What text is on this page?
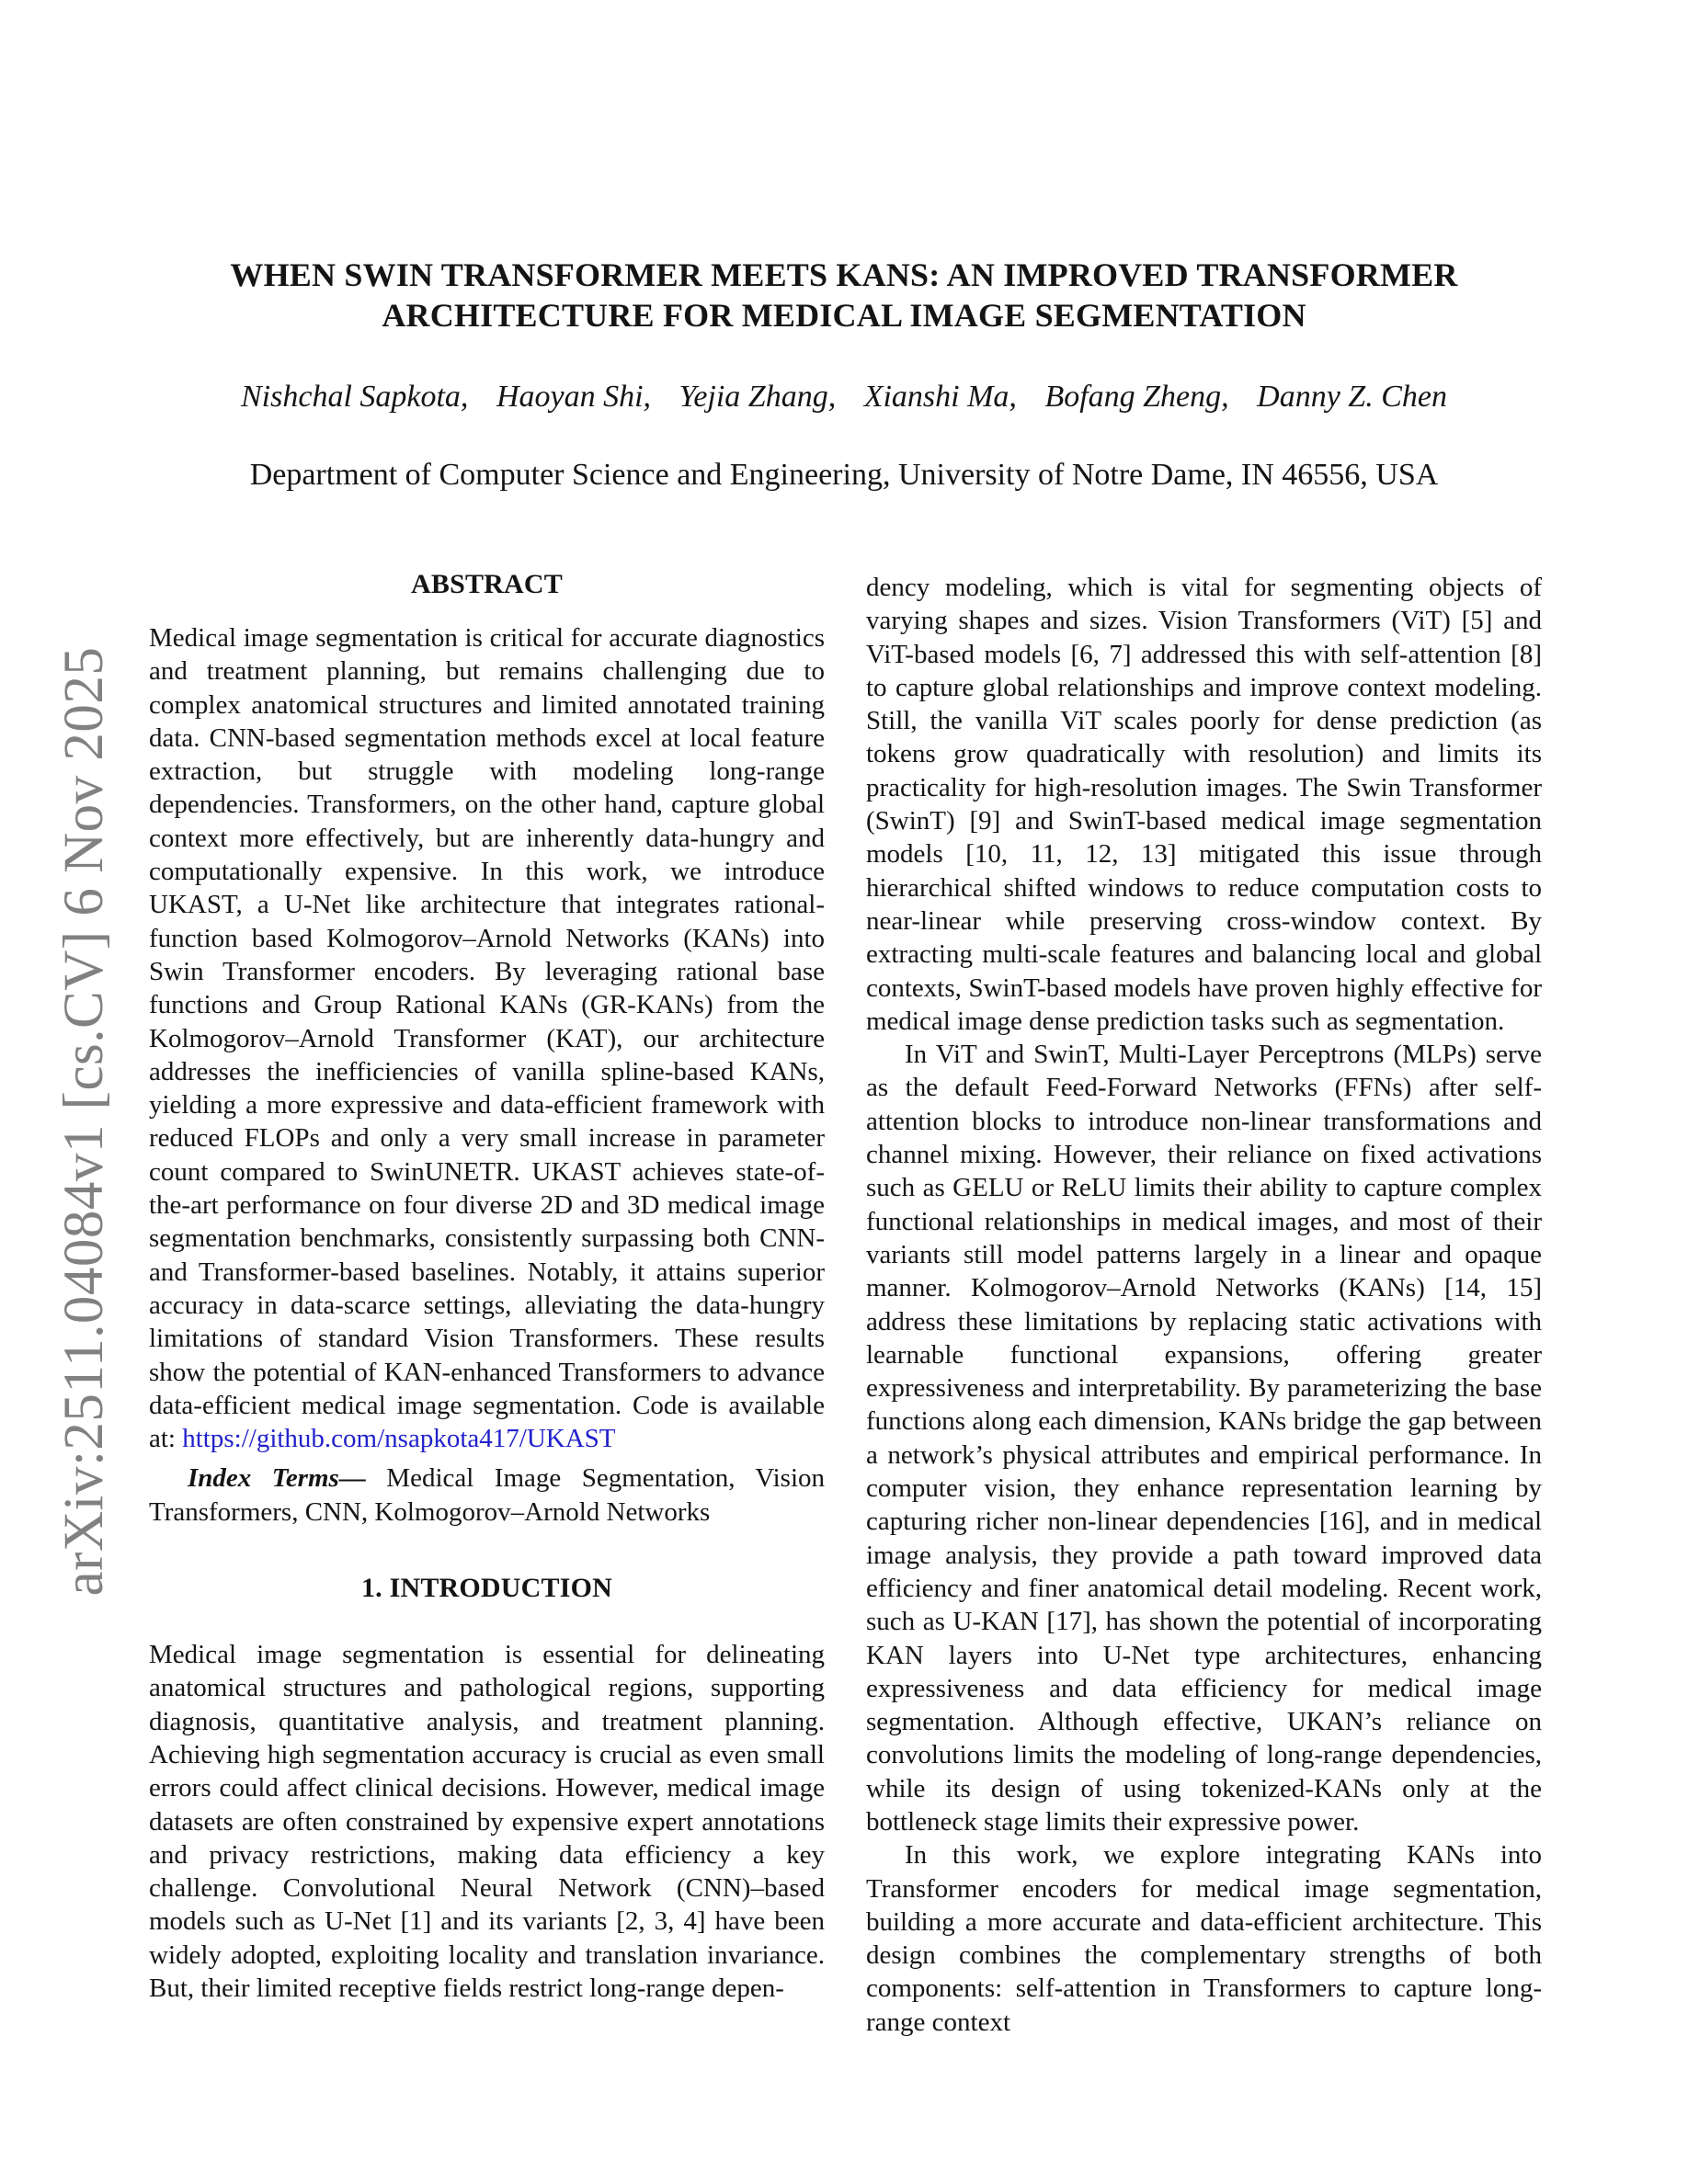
arXiv:2511.04084v1 [cs.CV] 6 Nov 2025
WHEN SWIN TRANSFORMER MEETS KANS: AN IMPROVED TRANSFORMER
ARCHITECTURE FOR MEDICAL IMAGE SEGMENTATION
Nishchal Sapkota, Haoyan Shi, Yejia Zhang, Xianshi Ma, Bofang Zheng, Danny Z. Chen
Department of Computer Science and Engineering, University of Notre Dame, IN 46556, USA
ABSTRACT

Medical image segmentation is critical for accurate diagnostics and treatment planning, but remains challenging due to complex anatomical structures and limited annotated training data. CNN-based segmentation methods excel at local feature extraction, but struggle with modeling long-range dependencies. Transformers, on the other hand, capture global context more effectively, but are inherently data-hungry and computationally expensive. In this work, we introduce UKAST, a U-Net like architecture that integrates rational-function based Kolmogorov–Arnold Networks (KANs) into Swin Transformer encoders. By leveraging rational base functions and Group Rational KANs (GR-KANs) from the Kolmogorov–Arnold Transformer (KAT), our architecture addresses the inefficiencies of vanilla spline-based KANs, yielding a more expressive and data-efficient framework with reduced FLOPs and only a very small increase in parameter count compared to SwinUNETR. UKAST achieves state-of-the-art performance on four diverse 2D and 3D medical image segmentation benchmarks, consistently surpassing both CNN- and Transformer-based baselines. Notably, it attains superior accuracy in data-scarce settings, alleviating the data-hungry limitations of standard Vision Transformers. These results show the potential of KAN-enhanced Transformers to advance data-efficient medical image segmentation. Code is available at: https://github.com/nsapkota417/UKAST

Index Terms— Medical Image Segmentation, Vision Transformers, CNN, Kolmogorov–Arnold Networks

1. INTRODUCTION

Medical image segmentation is essential for delineating anatomical structures and pathological regions, supporting diagnosis, quantitative analysis, and treatment planning. Achieving high segmentation accuracy is crucial as even small errors could affect clinical decisions. However, medical image datasets are often constrained by expensive expert annotations and privacy restrictions, making data efficiency a key challenge. Convolutional Neural Network (CNN)–based models such as U-Net [1] and its variants [2, 3, 4] have been widely adopted, exploiting locality and translation invariance. But, their limited receptive fields restrict long-range depen-

dency modeling, which is vital for segmenting objects of varying shapes and sizes. Vision Transformers (ViT) [5] and ViT-based models [6, 7] addressed this with self-attention [8] to capture global relationships and improve context modeling. Still, the vanilla ViT scales poorly for dense prediction (as tokens grow quadratically with resolution) and limits its practicality for high-resolution images. The Swin Transformer (SwinT) [9] and SwinT-based medical image segmentation models [10, 11, 12, 13] mitigated this issue through hierarchical shifted windows to reduce computation costs to near-linear while preserving cross-window context. By extracting multi-scale features and balancing local and global contexts, SwinT-based models have proven highly effective for medical image dense prediction tasks such as segmentation.

In ViT and SwinT, Multi-Layer Perceptrons (MLPs) serve as the default Feed-Forward Networks (FFNs) after self-attention blocks to introduce non-linear transformations and channel mixing. However, their reliance on fixed activations such as GELU or ReLU limits their ability to capture complex functional relationships in medical images, and most of their variants still model patterns largely in a linear and opaque manner. Kolmogorov–Arnold Networks (KANs) [14, 15] address these limitations by replacing static activations with learnable functional expansions, offering greater expressiveness and interpretability. By parameterizing the base functions along each dimension, KANs bridge the gap between a network’s physical attributes and empirical performance. In computer vision, they enhance representation learning by capturing richer non-linear dependencies [16], and in medical image analysis, they provide a path toward improved data efficiency and finer anatomical detail modeling. Recent work, such as U-KAN [17], has shown the potential of incorporating KAN layers into U-Net type architectures, enhancing expressiveness and data efficiency for medical image segmentation. Although effective, UKAN’s reliance on convolutions limits the modeling of long-range dependencies, while its design of using tokenized-KANs only at the bottleneck stage limits their expressive power.

In this work, we explore integrating KANs into Transformer encoders for medical image segmentation, building a more accurate and data-efficient architecture. This design combines the complementary strengths of both components: self-attention in Transformers to capture long-range context
